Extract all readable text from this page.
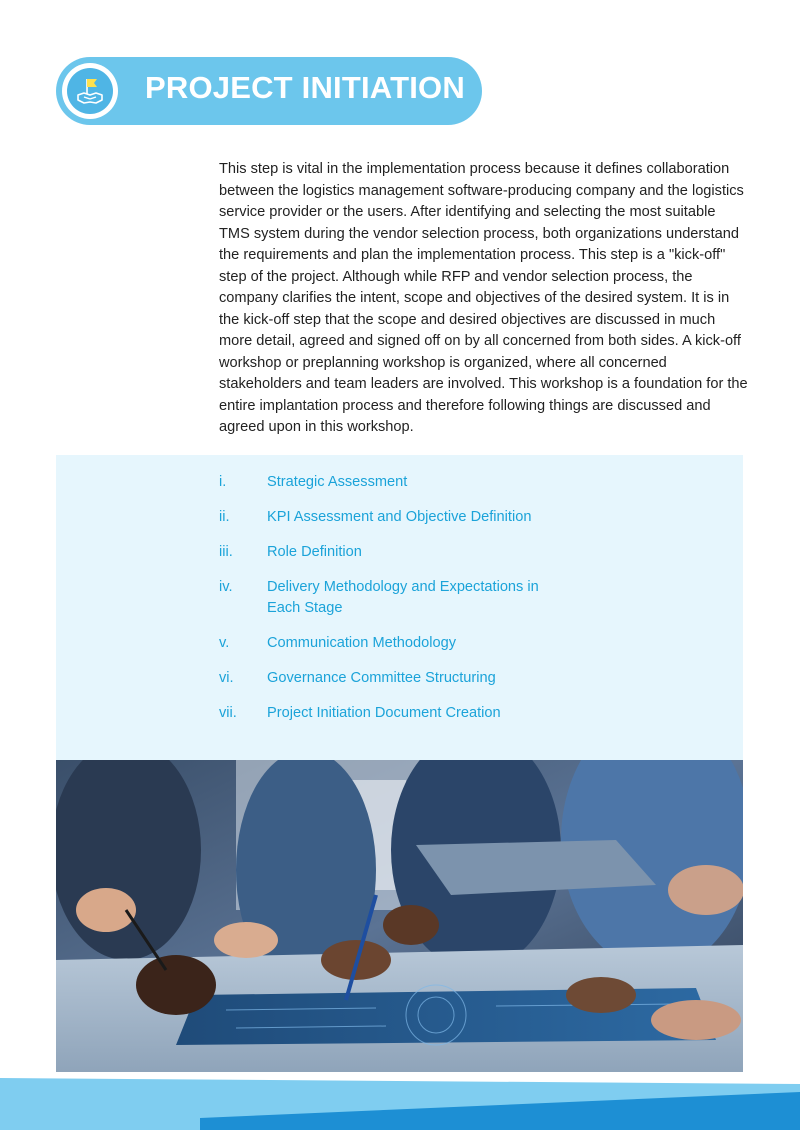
PROJECT INITIATION

This step is vital in the implementation process because it defines collaboration between the logistics management software-producing company and the logistics service provider or the users. After identifying and selecting the most suitable TMS system during the vendor selection process, both organizations understand the requirements and plan the implementation process. This step is a "kick-off" step of the project. Although while RFP and vendor selection process, the company clarifies the intent, scope and objectives of the desired system. It is in the kick-off step that the scope and desired objectives are discussed in much more detail, agreed and signed off on by all concerned from both sides. A kick-off workshop or preplanning workshop is organized, where all concerned stakeholders and team leaders are involved. This workshop is a foundation for the entire implantation process and therefore following things are discussed and agreed upon in this workshop.

i.	Strategic Assessment
ii.	KPI Assessment and Objective Definition
iii.	Role Definition
iv.	Delivery Methodology and Expectations in Each Stage
v.	Communication Methodology
vi.	Governance Committee Structuring
vii.	Project Initiation Document Creation
